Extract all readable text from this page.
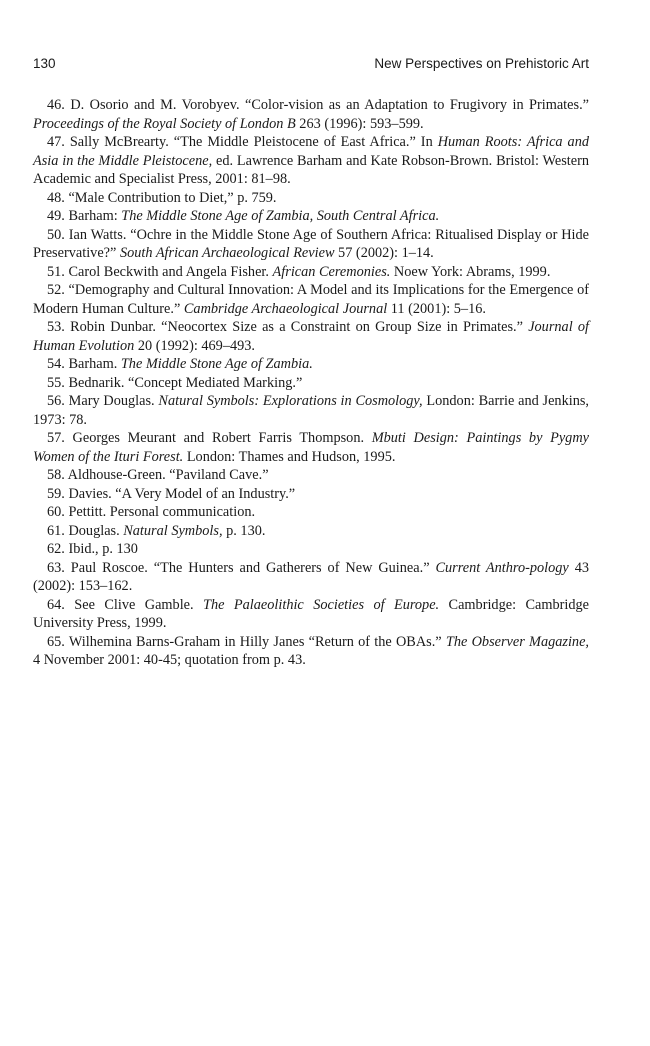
130	New Perspectives on Prehistoric Art

46. D. Osorio and M. Vorobyev. “Color-vision as an Adaptation to Frugivory in Primates.” Proceedings of the Royal Society of London B 263 (1996): 593–599.

47. Sally McBrearty. “The Middle Pleistocene of East Africa.” In Human Roots: Africa and Asia in the Middle Pleistocene, ed. Lawrence Barham and Kate Robson-Brown. Bristol: Western Academic and Specialist Press, 2001: 81–98.

48. “Male Contribution to Diet,” p. 759.

49. Barham: The Middle Stone Age of Zambia, South Central Africa.

50. Ian Watts. “Ochre in the Middle Stone Age of Southern Africa: Ritualised Display or Hide Preservative?” South African Archaeological Review 57 (2002): 1–14.

51. Carol Beckwith and Angela Fisher. African Ceremonies. Noew York: Abrams, 1999.

52. “Demography and Cultural Innovation: A Model and its Implications for the Emergence of Modern Human Culture.” Cambridge Archaeological Journal 11 (2001): 5–16.

53. Robin Dunbar. “Neocortex Size as a Constraint on Group Size in Primates.” Journal of Human Evolution 20 (1992): 469–493.

54. Barham. The Middle Stone Age of Zambia.

55. Bednarik. “Concept Mediated Marking.”

56. Mary Douglas. Natural Symbols: Explorations in Cosmology, London: Barrie and Jenkins, 1973: 78.

57. Georges Meurant and Robert Farris Thompson. Mbuti Design: Paintings by Pygmy Women of the Ituri Forest. London: Thames and Hudson, 1995.

58. Aldhouse-Green. “Paviland Cave.”

59. Davies. “A Very Model of an Industry.”

60. Pettitt. Personal communication.

61. Douglas. Natural Symbols, p. 130.

62. Ibid., p. 130

63. Paul Roscoe. “The Hunters and Gatherers of New Guinea.” Current Anthro-pology 43 (2002): 153–162.

64. See Clive Gamble. The Palaeolithic Societies of Europe. Cambridge: Cambridge University Press, 1999.

65. Wilhemina Barns-Graham in Hilly Janes “Return of the OBAs.” The Observer Magazine, 4 November 2001: 40-45; quotation from p. 43.
